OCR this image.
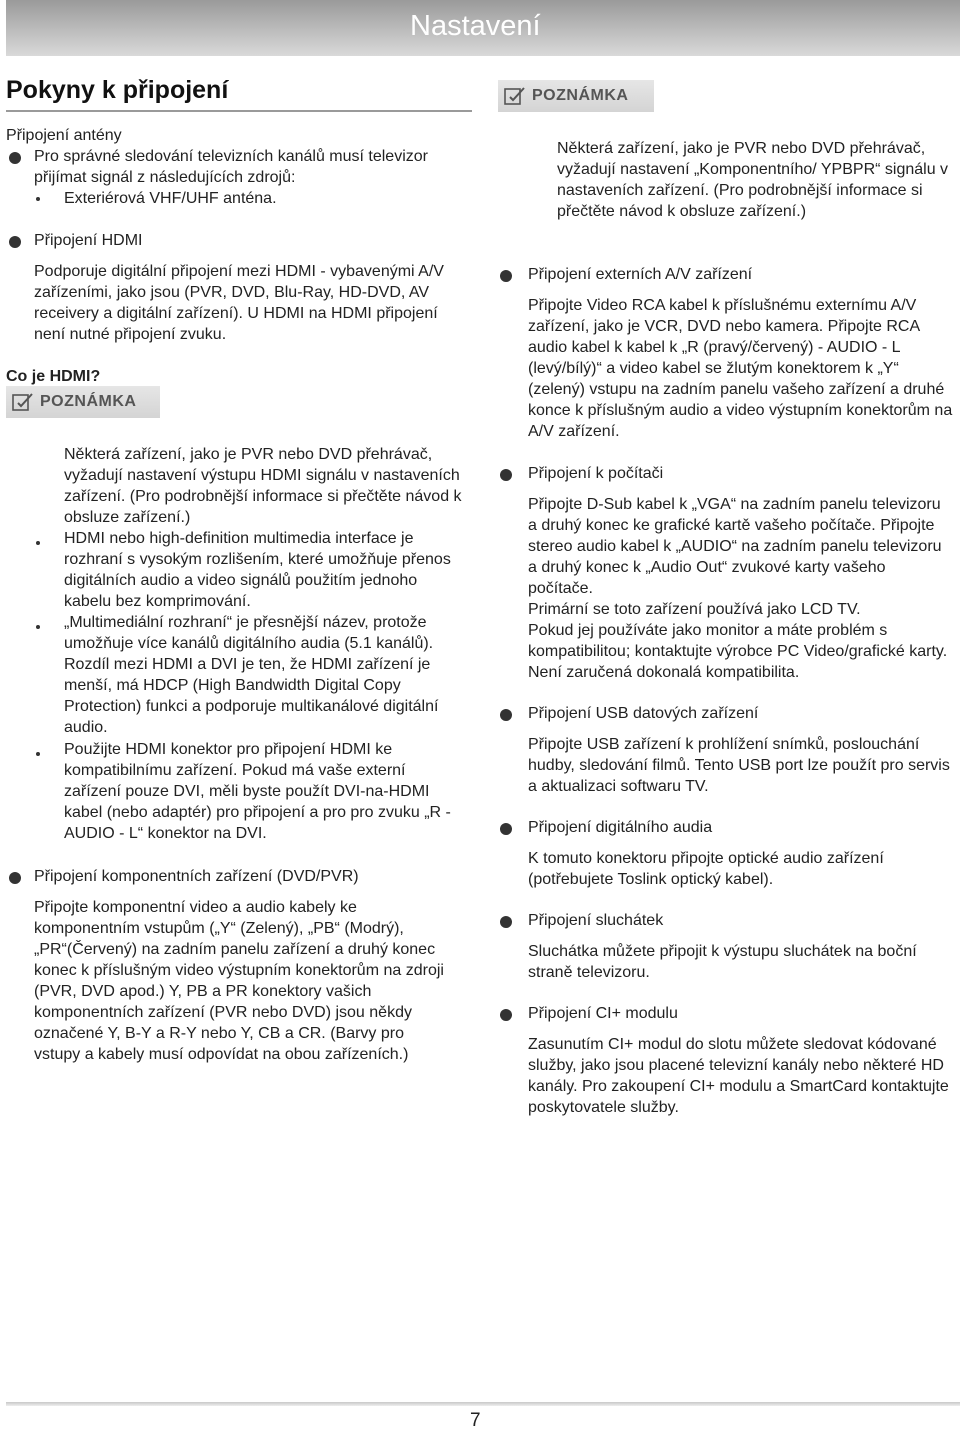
Nastavení
Pokyny k připojení
Připojení antény
Pro správné sledování televizních kanálů musí televizor přijímat signál z následujících zdrojů:
Exteriérová VHF/UHF anténa.
Připojení HDMI
Podporuje digitální připojení mezi HDMI - vybavenými A/V zařízeními, jako jsou (PVR, DVD, Blu-Ray, HD-DVD, AV receivery a digitální zařízení). U HDMI na HDMI připojení není nutné připojení zvuku.
Co je HDMI?
POZNÁMKA
Některá zařízení, jako je PVR nebo DVD přehrávač, vyžadují nastavení výstupu HDMI signálu v nastaveních zařízení. (Pro podrobnější informace si přečtěte návod k obsluze zařízení.)
HDMI nebo high-definition multimedia interface je rozhraní s vysokým rozlišením, které umožňuje přenos digitálních audio a video signálů použitím jednoho kabelu bez komprimování.
„Multimediální rozhraní“ je přesnější název, protože umožňuje více kanálů digitálního audia (5.1 kanálů). Rozdíl mezi HDMI a DVI je ten, že HDMI zařízení je menší, má HDCP (High Bandwidth Digital Copy Protection) funkci a podporuje multikanálové digitální audio.
Použijte HDMI konektor pro připojení HDMI ke kompatibilnímu zařízení. Pokud má vaše externí zařízení pouze DVI, měli byste použít DVI-na-HDMI kabel (nebo adaptér) pro připojení a pro pro zvuku „R - AUDIO - L“ konektor na DVI.
Připojení komponentních zařízení (DVD/PVR)
Připojte komponentní video a audio kabely ke komponentním vstupům („Y“ (Zelený), „PB“ (Modrý), „PR“(Červený) na zadním panelu zařízení a druhý konec konec k příslušným video výstupním konektorům na zdroji (PVR, DVD apod.) Y, PB a PR konektory vašich komponentních zařízení (PVR nebo DVD) jsou někdy označené Y, B-Y a R-Y nebo Y, CB a CR. (Barvy pro vstupy a kabely musí odpovídat na obou zařízeních.)
POZNÁMKA
Některá zařízení, jako je PVR nebo DVD přehrávač, vyžadují nastavení „Komponentního/ YPBPR“ signálu v nastaveních zařízení. (Pro podrobnější informace si přečtěte návod k obsluze zařízení.)
Připojení externích A/V zařízení
Připojte Video RCA kabel k příslušnému externímu A/V zařízení, jako je VCR, DVD nebo kamera. Připojte RCA audio kabel k kabel k „R (pravý/červený) - AUDIO - L (levý/bílý)“ a video kabel se žlutým konektorem k „Y“ (zelený) vstupu na zadním panelu vašeho zařízení a druhé konce k příslušným audio a video výstupním konektorům na A/V zařízení.
Připojení k počítači
Připojte D-Sub kabel k „VGA“ na zadním panelu televizoru a druhý konec ke grafické kartě vašeho počítače. Připojte stereo audio kabel k „AUDIO“ na zadním panelu televizoru a druhý konec k „Audio Out“ zvukové karty vašeho počítače.
Primární se toto zařízení používá jako LCD TV.
Pokud jej používáte jako monitor a máte problém s kompatibilitou; kontaktujte výrobce PC Video/grafické karty. Není zaručená dokonalá kompatibilita.
Připojení USB datových zařízení
Připojte USB zařízení k prohlížení snímků, poslouchání hudby, sledování filmů. Tento USB port lze použít pro servis a aktualizaci softwaru TV.
Připojení digitálního audia
K tomuto konektoru připojte optické audio zařízení (potřebujete Toslink optický kabel).
Připojení sluchátek
Sluchátka můžete připojit k výstupu sluchátek na boční straně televizoru.
Připojení CI+ modulu
Zasunutím CI+ modul do slotu můžete sledovat kódované služby, jako jsou placené televizní kanály nebo některé HD kanály. Pro zakoupení CI+ modulu a SmartCard kontaktujte poskytovatele služby.
7
